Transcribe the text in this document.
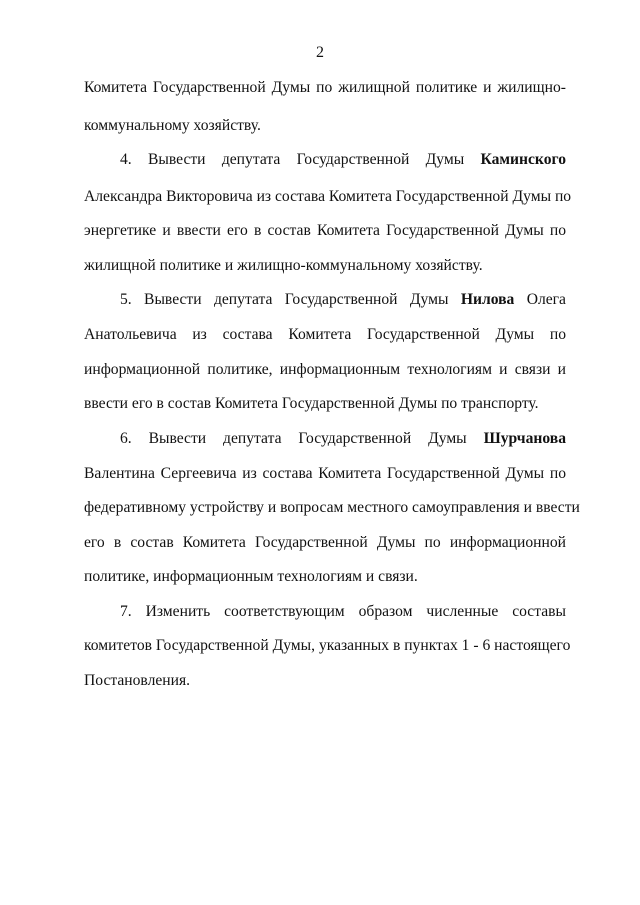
2
Комитета Государственной Думы по жилищной политике и жилищно-
коммунальному хозяйству.
4. Вывести депутата Государственной Думы Каминского
Александра Викторовича из состава Комитета Государственной Думы по
энергетике и ввести его в состав Комитета Государственной Думы по
жилищной политике и жилищно-коммунальному хозяйству.
5. Вывести депутата Государственной Думы Нилова Олега
Анатольевича из состава Комитета Государственной Думы по
информационной политике, информационным технологиям и связи и
ввести его в состав Комитета Государственной Думы по транспорту.
6. Вывести депутата Государственной Думы Шурчанова
Валентина Сергеевича из состава Комитета Государственной Думы по
федеративному устройству и вопросам местного самоуправления и ввести
его в состав Комитета Государственной Думы по информационной
политике, информационным технологиям и связи.
7. Изменить соответствующим образом численные составы
комитетов Государственной Думы, указанных в пунктах 1 - 6 настоящего
Постановления.
